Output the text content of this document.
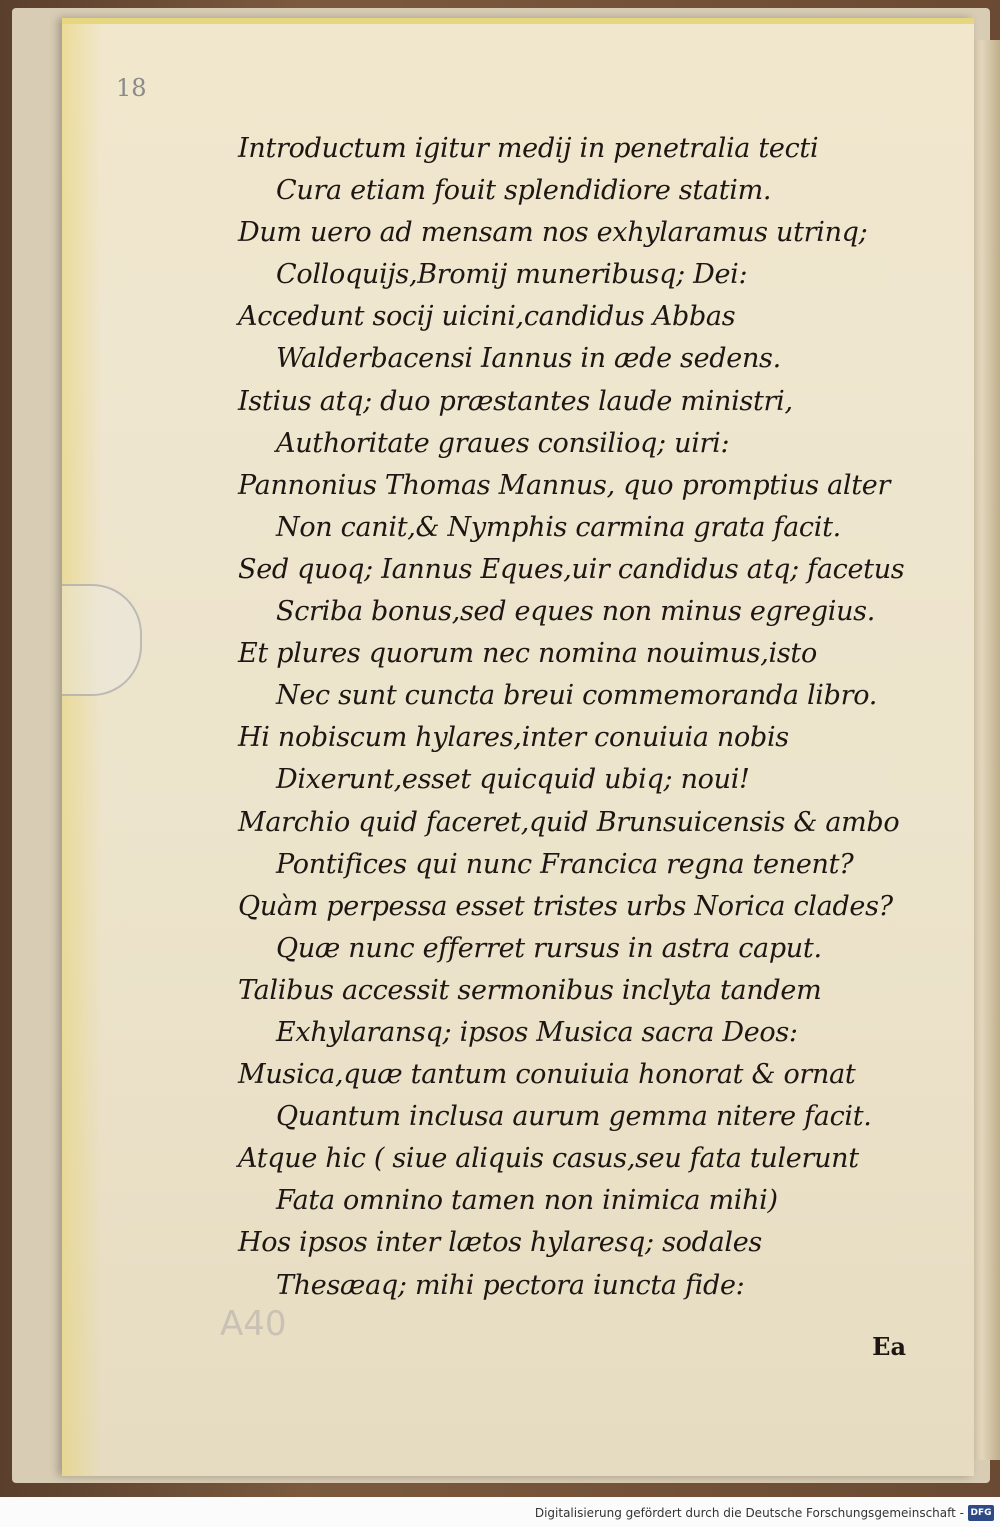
18

A40

Ea

Introductum igitur medij in penetralia tecti
Cura etiam fouit splendidiore statim.
Dum uero ad mensam nos exhylaramus utrinq;
Colloquijs,Bromij muneribusq; Dei:
Accedunt socij uicini,candidus Abbas
Walderbacensi Iannus in æde sedens.
Istius atq; duo præstantes laude ministri,
Authoritate graues consilioq; uiri:
Pannonius Thomas Mannus, quo promptius alter
Non canit,& Nymphis carmina grata facit.
Sed quoq; Iannus Eques,uir candidus atq; facetus
Scriba bonus,sed eques non minus egregius.
Et plures quorum nec nomina nouimus,isto
Nec sunt cuncta breui commemoranda libro.
Hi nobiscum hylares,inter conuiuia nobis
Dixerunt,esset quicquid ubiq; noui!
Marchio quid faceret,quid Brunsuicensis & ambo
Pontifices qui nunc Francica regna tenent?
Quàm perpessa esset tristes urbs Norica clades?
Quæ nunc efferret rursus in astra caput.
Talibus accessit sermonibus inclyta tandem
Exhylaransq; ipsos Musica sacra Deos:
Musica,quæ tantum conuiuia honorat & ornat
Quantum inclusa aurum gemma nitere facit.
Atque hic ( siue aliquis casus,seu fata tulerunt
Fata omnino tamen non inimica mihi)
Hos ipsos inter lætos hylaresq; sodales
Thesæaq; mihi pectora iuncta fide:

Digitalisierung gefördert durch die Deutsche Forschungsgemeinschaft - DFG
